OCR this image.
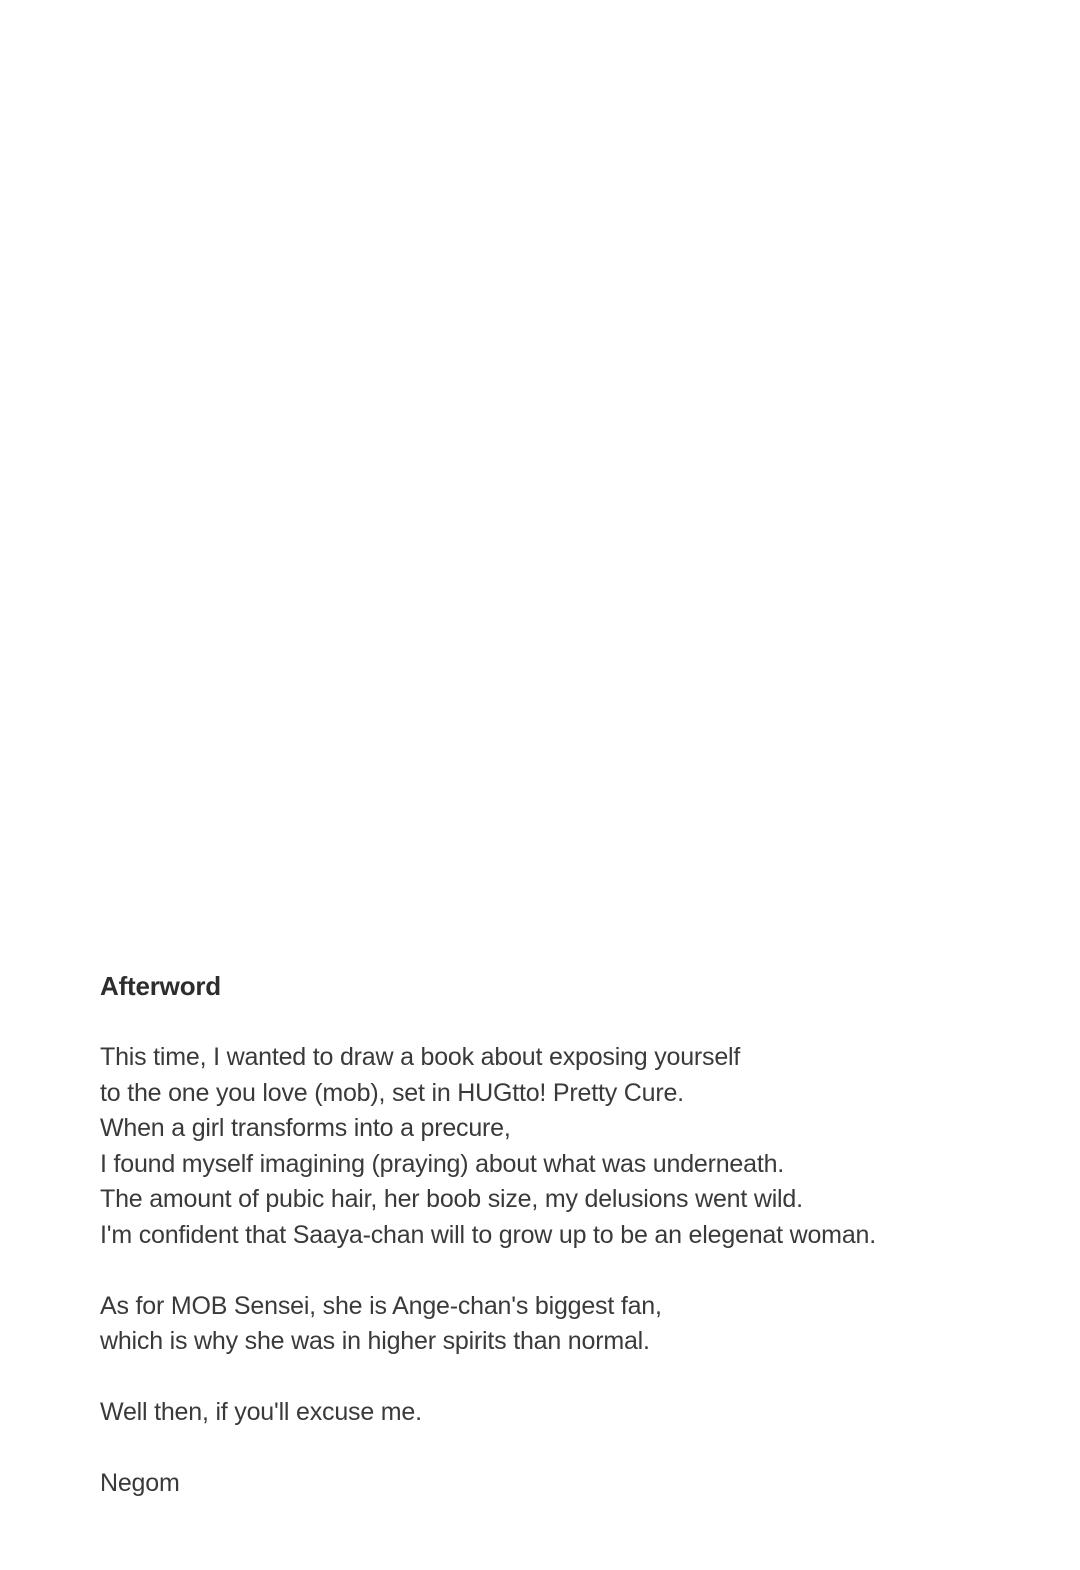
Afterword
This time, I wanted to draw a book about exposing yourself
to the one you love (mob), set in HUGtto! Pretty Cure.
When a girl transforms into a precure,
I found myself imagining (praying) about what was underneath.
The amount of pubic hair, her boob size, my delusions went wild.
I'm confident that Saaya-chan will to grow up to be an elegenat woman.
As for MOB Sensei, she is Ange-chan's biggest fan,
which is why she was in higher spirits than normal.
Well then, if you'll excuse me.
Negom
